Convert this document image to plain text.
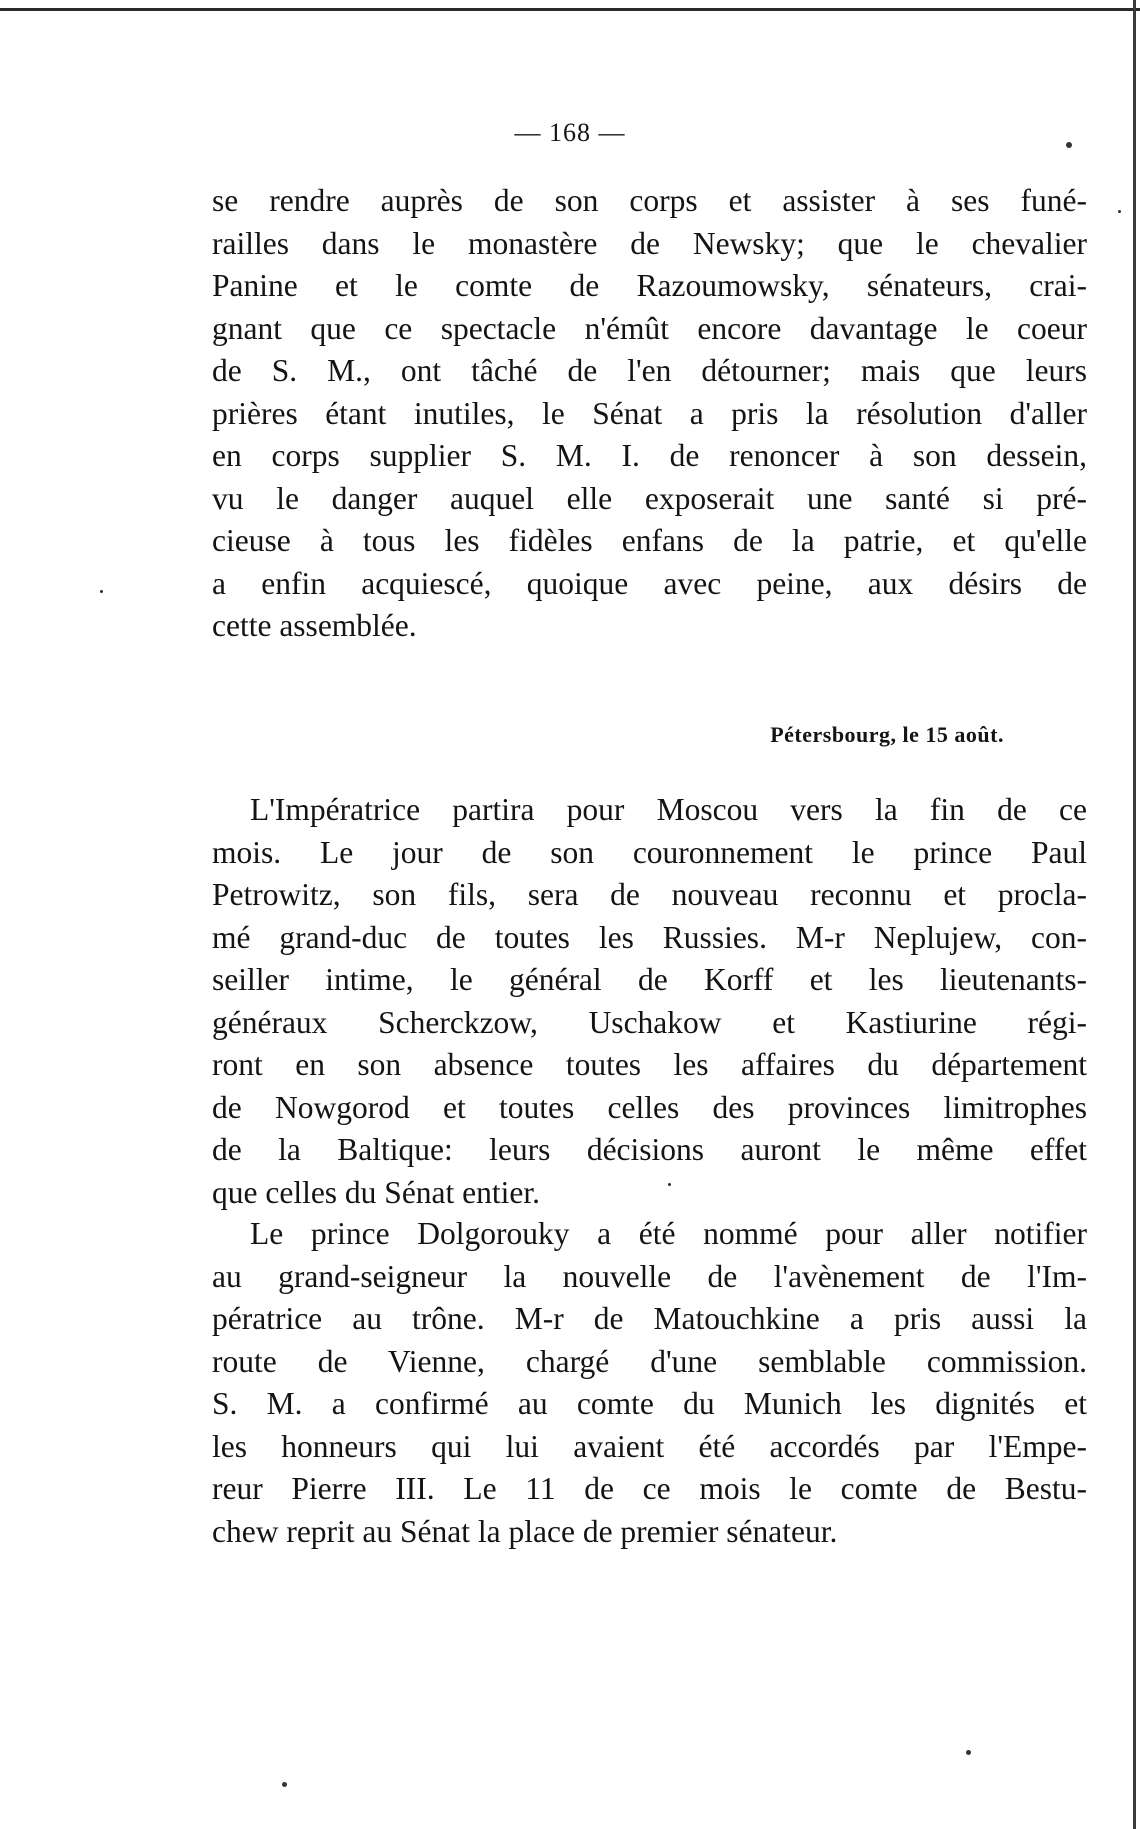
— 168 —
se rendre auprès de son corps et assister à ses funé-
railles dans le monastère de Newsky; que le chevalier
Panine et le comte de Razoumowsky, sénateurs, crai-
gnant que ce spectacle n'émût encore davantage le coeur
de S. M., ont tâché de l'en détourner; mais que leurs
prières étant inutiles, le Sénat a pris la résolution d'aller
en corps supplier S. M. I. de renoncer à son dessein,
vu le danger auquel elle exposerait une santé si pré-
cieuse à tous les fidèles enfans de la patrie, et qu'elle
a enfin acquiescé, quoique avec peine, aux désirs de
cette assemblée.
Pétersbourg, le 15 août.
L'Impératrice partira pour Moscou vers la fin de ce
mois. Le jour de son couronnement le prince Paul
Petrowitz, son fils, sera de nouveau reconnu et procla-
mé grand-duc de toutes les Russies. M-r Neplujew, con-
seiller intime, le général de Korff et les lieutenants-
généraux Scherckzow, Uschakow et Kastiurine régi-
ront en son absence toutes les affaires du département
de Nowgorod et toutes celles des provinces limitrophes
de la Baltique: leurs décisions auront le même effet
que celles du Sénat entier.
Le prince Dolgorouky a été nommé pour aller notifier
au grand-seigneur la nouvelle de l'avènement de l'Im-
pératrice au trône. M-r de Matouchkine a pris aussi la
route de Vienne, chargé d'une semblable commission.
S. M. a confirmé au comte du Munich les dignités et
les honneurs qui lui avaient été accordés par l'Empe-
reur Pierre III. Le 11 de ce mois le comte de Bestu-
chew reprit au Sénat la place de premier sénateur.
